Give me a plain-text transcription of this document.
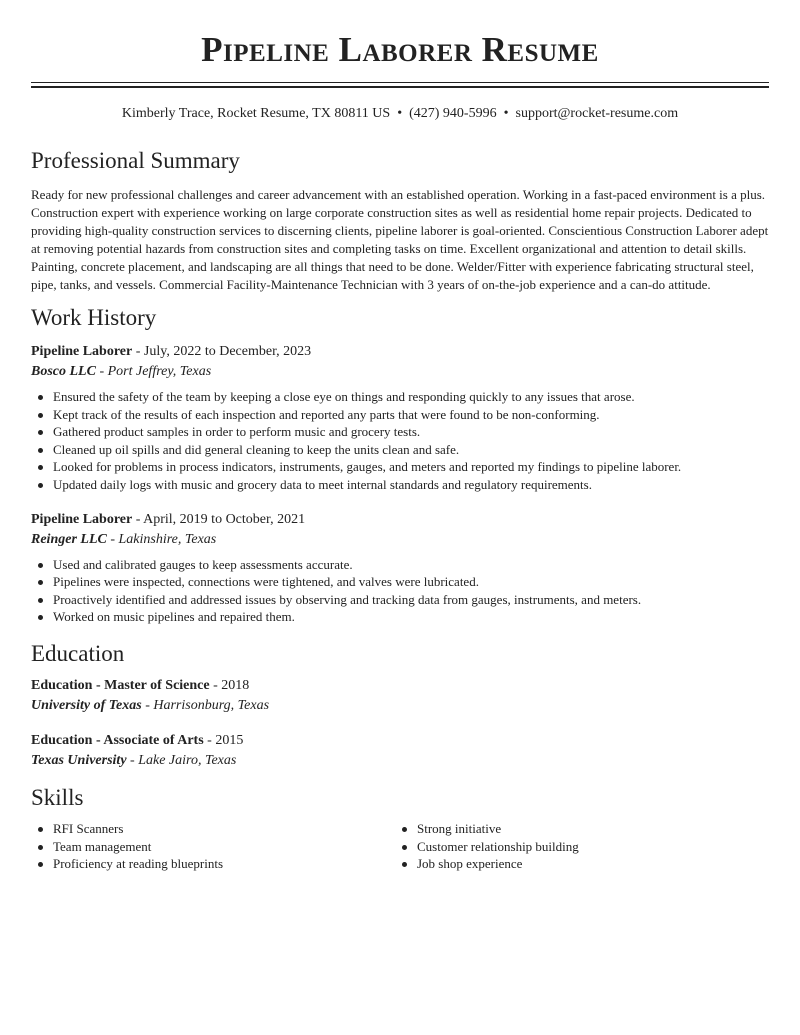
Pipeline Laborer Resume
Kimberly Trace, Rocket Resume, TX 80811 US • (427) 940-5996 • support@rocket-resume.com
Professional Summary

Ready for new professional challenges and career advancement with an established operation. Working in a fast-paced environment is a plus. Construction expert with experience working on large corporate construction sites as well as residential home repair projects. Dedicated to providing high-quality construction services to discerning clients, pipeline laborer is goal-oriented. Conscientious Construction Laborer adept at removing potential hazards from construction sites and completing tasks on time. Excellent organizational and attention to detail skills. Painting, concrete placement, and landscaping are all things that need to be done. Welder/Fitter with experience fabricating structural steel, pipe, tanks, and vessels. Commercial Facility-Maintenance Technician with 3 years of on-the-job experience and a can-do attitude.

Work History
Pipeline Laborer - July, 2022 to December, 2023
Bosco LLC - Port Jeffrey, Texas
Ensured the safety of the team by keeping a close eye on things and responding quickly to any issues that arose.
Kept track of the results of each inspection and reported any parts that were found to be non-conforming.
Gathered product samples in order to perform music and grocery tests.
Cleaned up oil spills and did general cleaning to keep the units clean and safe.
Looked for problems in process indicators, instruments, gauges, and meters and reported my findings to pipeline laborer.
Updated daily logs with music and grocery data to meet internal standards and regulatory requirements.
Pipeline Laborer - April, 2019 to October, 2021
Reinger LLC - Lakinshire, Texas
Used and calibrated gauges to keep assessments accurate.
Pipelines were inspected, connections were tightened, and valves were lubricated.
Proactively identified and addressed issues by observing and tracking data from gauges, instruments, and meters.
Worked on music pipelines and repaired them.
Education
Education - Master of Science - 2018
University of Texas - Harrisonburg, Texas
Education - Associate of Arts - 2015
Texas University - Lake Jairo, Texas
Skills
RFI Scanners
Team management
Proficiency at reading blueprints
Strong initiative
Customer relationship building
Job shop experience
